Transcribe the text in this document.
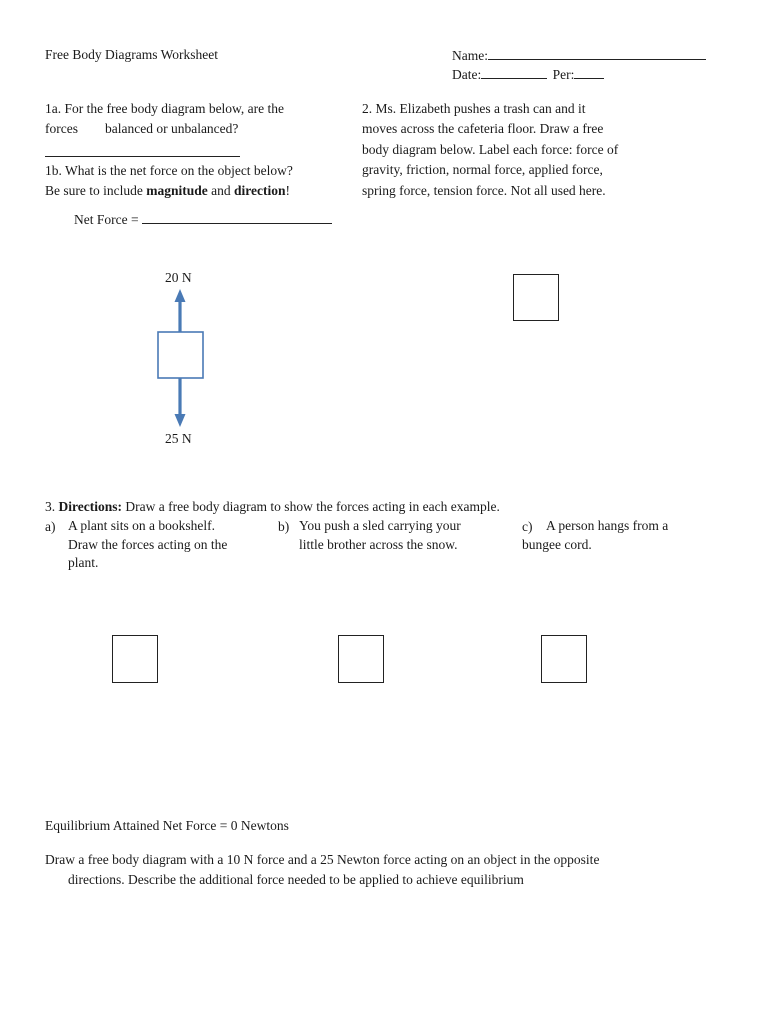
Free Body Diagrams Worksheet	Name:
Date:	Per:
1a. For the free body diagram below, are the
forces balanced or unbalanced?
1b. What is the net force on the object below?
Be sure to include magnitude and direction!
Net Force =
20 N
25 N
2. Ms. Elizabeth pushes a trash can and it
moves across the cafeteria floor. Draw a free
body diagram below. Label each force: force of
gravity, friction, normal force, applied force,
spring force, tension force. Not all used here.
3. Directions: Draw a free body diagram to show the forces acting in each example.
a) A plant sits on a bookshelf.
Draw the forces acting on the
plant.
b) You push a sled carrying your
little brother across the snow.
c) A person hangs from a
bungee cord.
Equilibrium Attained Net Force = 0 Newtons
Draw a free body diagram with a 10 N force and a 25 Newton force acting on an object in the opposite
directions. Describe the additional force needed to be applied to achieve equilibrium
